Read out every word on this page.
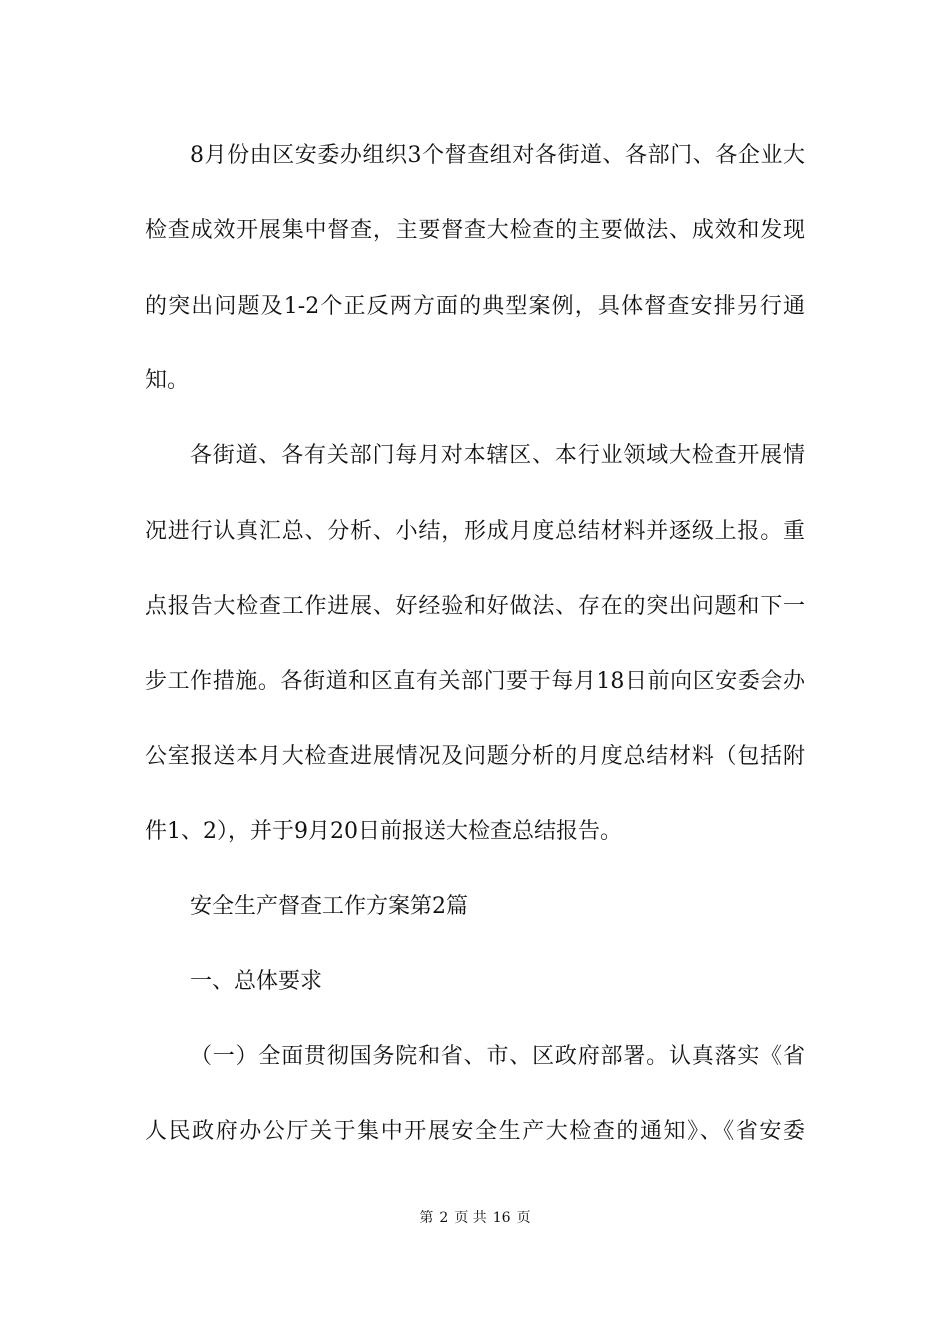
8月份由区安委办组织3个督查组对各街道、各部门、各企业大
检查成效开展集中督查，主要督查大检查的主要做法、成效和发现
的突出问题及1-2个正反两方面的典型案例，具体督查安排另行通
知。
各街道、各有关部门每月对本辖区、本行业领域大检查开展情
况进行认真汇总、分析、小结，形成月度总结材料并逐级上报。重
点报告大检查工作进展、好经验和好做法、存在的突出问题和下一
步工作措施。各街道和区直有关部门要于每月18日前向区安委会办
公室报送本月大检查进展情况及问题分析的月度总结材料（包括附
件1、2），并于9月20日前报送大检查总结报告。
安全生产督查工作方案第2篇
一、总体要求
（一）全面贯彻国务院和省、市、区政府部署。认真落实《省
人民政府办公厅关于集中开展安全生产大检查的通知》、《省安委
第 2 页 共 16 页
